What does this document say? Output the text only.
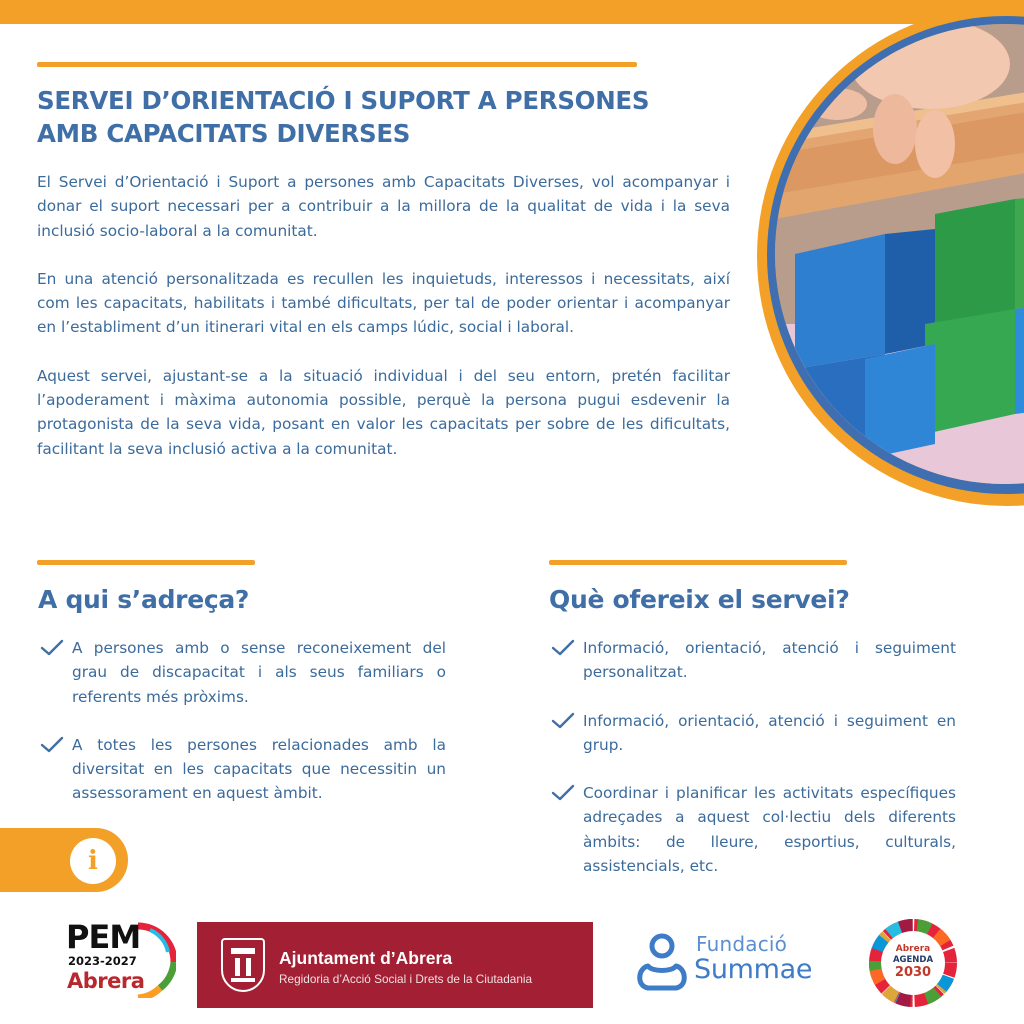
SERVEI D’ORIENTACIÓ I SUPORT A PERSONES
AMB CAPACITATS DIVERSES

El Servei d’Orientació i Suport a persones amb Capacitats Diverses, vol acompanyar i donar el suport necessari per a contribuir a la millora de la qualitat de vida i la seva inclusió socio-laboral a la comunitat.

En una atenció personalitzada es recullen les inquietuds, interessos i necessitats, així com les capacitats, habilitats i també dificultats, per tal de poder orientar i acompanyar en l’establiment d’un itinerari vital en els camps lúdic, social i laboral.

Aquest servei, ajustant-se a la situació individual i del seu entorn, pretén facilitar l’apoderament i màxima autonomia possible, perquè la persona pugui esdevenir la protagonista de la seva vida, posant en valor les capacitats per sobre de les dificultats, facilitant la seva inclusió activa a la comunitat.

A qui s’adreça?
A persones amb o sense reconeixement del grau de discapacitat i als seus familiars o referents més pròxims.
A totes les persones relacionades amb la diversitat en les capacitats que necessitin un assessorament en aquest àmbit.
Què ofereix el servei?
Informació, orientació, atenció i seguiment personalitzat.
Informació, orientació, atenció i seguiment en grup.
Coordinar i planificar les activitats específiques adreçades a aquest col·lectiu dels diferents àmbits: de lleure, esportius, culturals, assistencials, etc.
i
PEM
2023-2027
Abrera
Ajuntament d’Abrera
Regidoria d’Acció Social i Drets de la Ciutadania
Fundació
Summae
Abrera
AGENDA
2030
